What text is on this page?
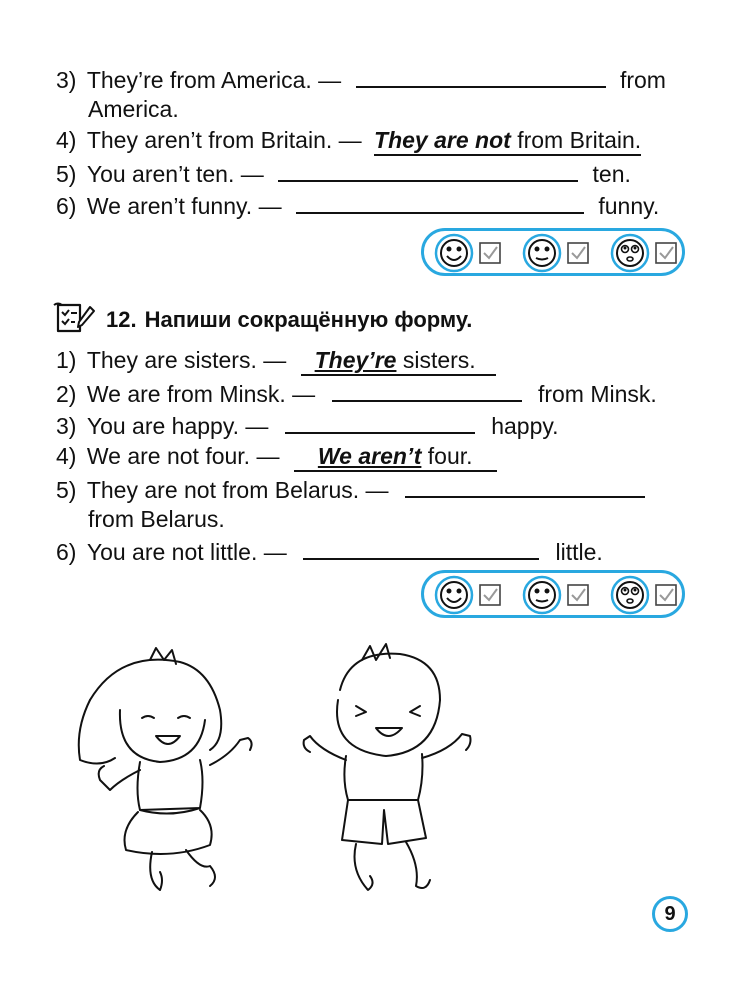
3) They’re from America. —	from
America.
4) They aren’t from Britain. — They are not from Britain.
5) You aren’t ten. —	ten.
6) We aren’t funny. —	funny.
12. Напиши сокращённую форму.
1) They are sisters. — They’re sisters.
2) We are from Minsk. —	from Minsk.
3) You are happy. —	happy.
4) We are not four. — We aren’t four.
5) They are not from Belarus. —
from Belarus.
6) You are not little. —	little.
9
